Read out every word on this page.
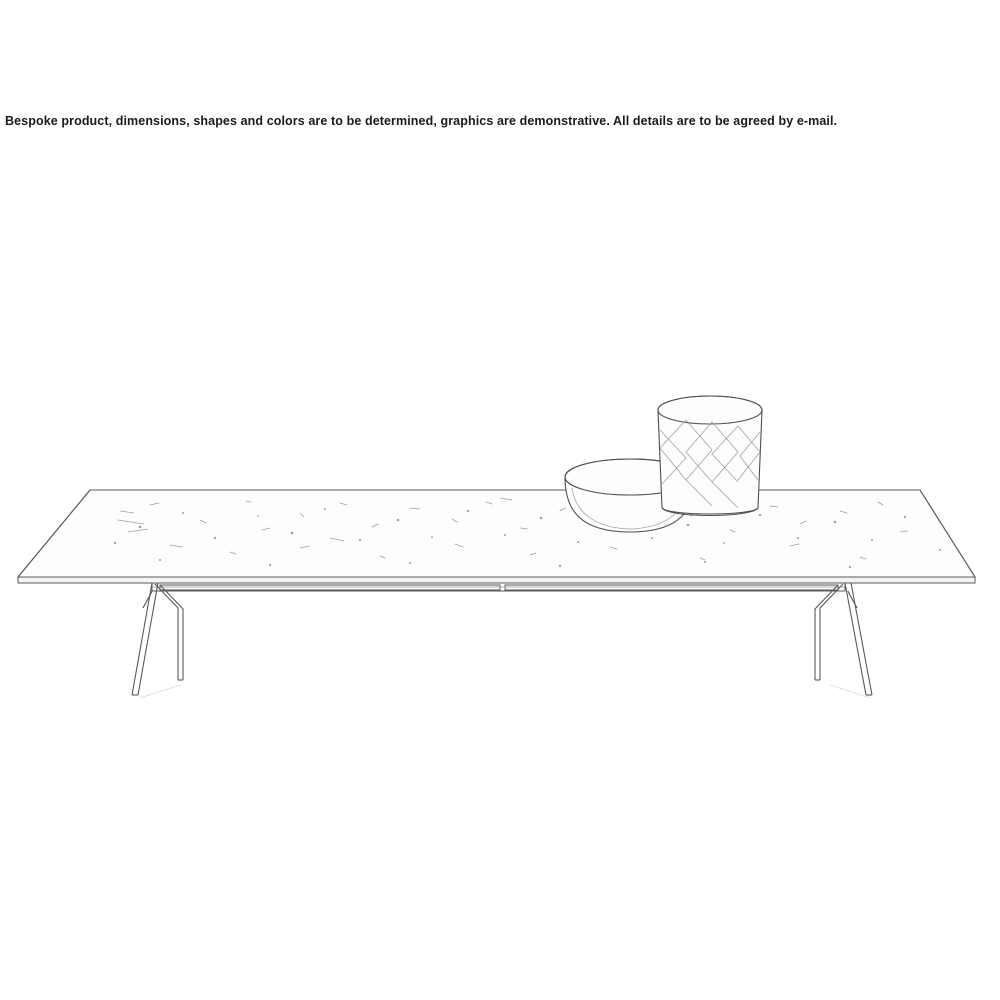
Bespoke product, dimensions, shapes and colors are to be determined, graphics are demonstrative. All details are to be agreed by e-mail.
